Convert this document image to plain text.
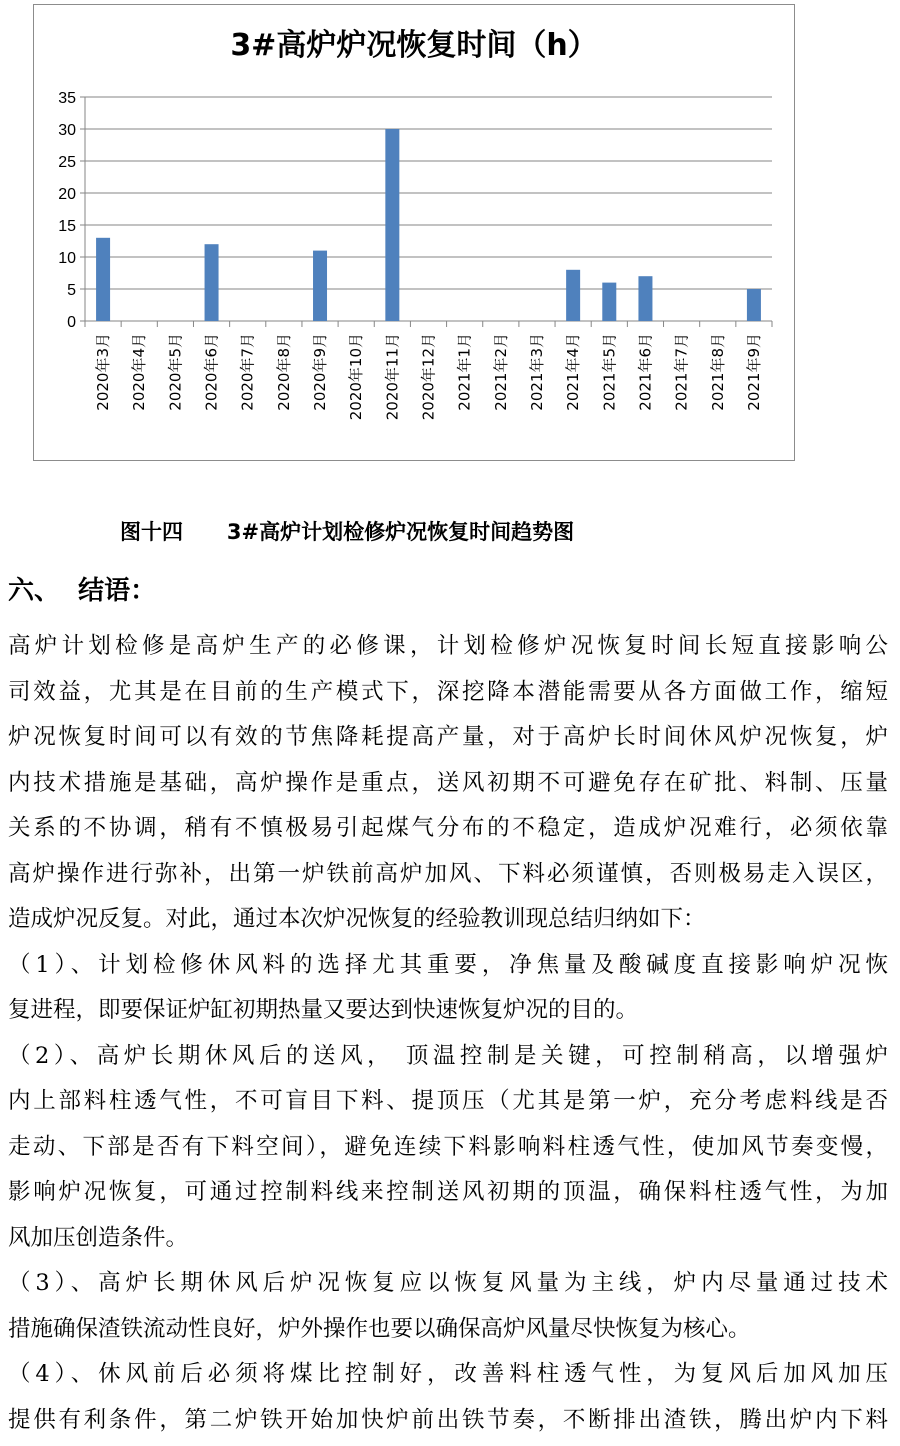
3#高炉炉况恢复时间（h）
0
5
10
15
20
25
30
35
2020年3月 2020年4月 2020年5月 2020年6月 2020年7月 2020年8月 2020年9月 2020年10月 2020年11月 2020年12月 2021年1月 2021年2月 2021年3月 2021年4月 2021年5月 2021年6月 2021年7月 2021年8月 2021年9月
图十四      3#高炉计划检修炉况恢复时间趋势图
六、  结语：
高炉计划检修是高炉生产的必修课，计划检修炉况恢复时间长短直接影响公
司效益，尤其是在目前的生产模式下，深挖降本潜能需要从各方面做工作，缩短
炉况恢复时间可以有效的节焦降耗提高产量，对于高炉长时间休风炉况恢复，炉
内技术措施是基础，高炉操作是重点，送风初期不可避免存在矿批、料制、压量
关系的不协调，稍有不慎极易引起煤气分布的不稳定，造成炉况难行，必须依靠
高炉操作进行弥补，出第一炉铁前高炉加风、下料必须谨慎，否则极易走入误区，
造成炉况反复。对此，通过本次炉况恢复的经验教训现总结归纳如下：
（1）、计划检修休风料的选择尤其重要，净焦量及酸碱度直接影响炉况恢
复进程，即要保证炉缸初期热量又要达到快速恢复炉况的目的。
（2）、高炉长期休风后的送风， 顶温控制是关键，可控制稍高，以增强炉
内上部料柱透气性，不可盲目下料、提顶压（尤其是第一炉，充分考虑料线是否
走动、下部是否有下料空间），避免连续下料影响料柱透气性，使加风节奏变慢，
影响炉况恢复，可通过控制料线来控制送风初期的顶温，确保料柱透气性，为加
风加压创造条件。
（3）、高炉长期休风后炉况恢复应以恢复风量为主线，炉内尽量通过技术
措施确保渣铁流动性良好，炉外操作也要以确保高炉风量尽快恢复为核心。
（4）、休风前后必须将煤比控制好，改善料柱透气性，为复风后加风加压
提供有利条件，第二炉铁开始加快炉前出铁节奏，不断排出渣铁，腾出炉内下料
